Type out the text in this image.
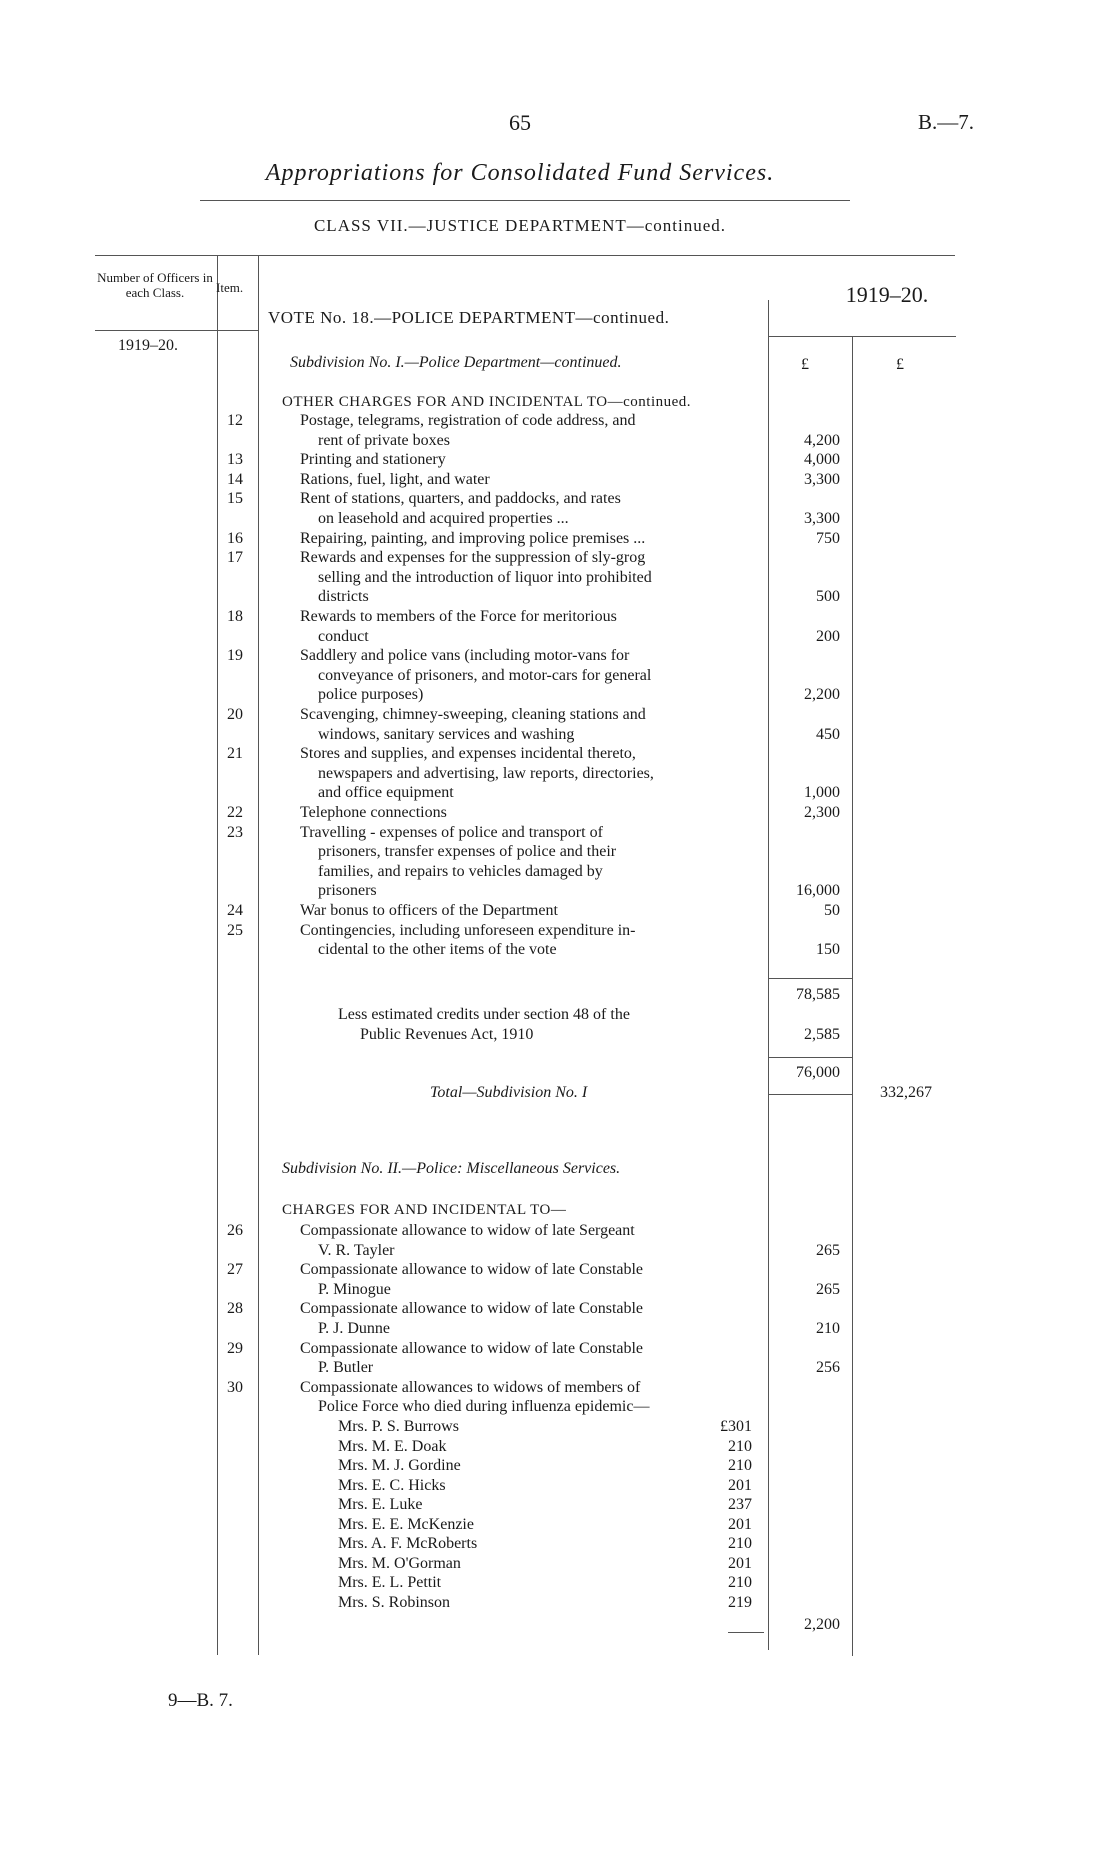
65	B.—7.
Appropriations for Consolidated Fund Services.
CLASS VII.—JUSTICE DEPARTMENT—continued.
Number of Officers in each Class.	Item.	1919–20.
VOTE No. 18.—POLICE DEPARTMENT—continued.
1919–20.
Subdivision No. I.—Police Department—continued.	£	£
OTHER CHARGES FOR AND INCIDENTAL TO—continued.
12	Postage, telegrams, registration of code address, and
rent of private boxes	4,200
13	Printing and stationery	4,000
14	Rations, fuel, light, and water	3,300
15	Rent of stations, quarters, and paddocks, and rates
on leasehold and acquired properties ...	3,300
16	Repairing, painting, and improving police premises ...	750
17	Rewards and expenses for the suppression of sly-grog
selling and the introduction of liquor into prohibited
districts	500
18	Rewards to members of the Force for meritorious
conduct	200
19	Saddlery and police vans (including motor-vans for
conveyance of prisoners, and motor-cars for general
police purposes)	2,200
20	Scavenging, chimney-sweeping, cleaning stations and
windows, sanitary services and washing	450
21	Stores and supplies, and expenses incidental thereto,
newspapers and advertising, law reports, directories,
and office equipment	1,000
22	Telephone connections	2,300
23	Travelling - expenses of police and transport of
prisoners, transfer expenses of police and their
families, and repairs to vehicles damaged by
prisoners	16,000
24	War bonus to officers of the Department	50
25	Contingencies, including unforeseen expenditure in-
cidental to the other items of the vote	150
78,585
Less estimated credits under section 48 of the
Public Revenues Act, 1910	2,585
76,000
Total—Subdivision No. I	332,267
Subdivision No. II.—Police: Miscellaneous Services.
CHARGES FOR AND INCIDENTAL TO—
26	Compassionate allowance to widow of late Sergeant
V. R. Tayler	265
27	Compassionate allowance to widow of late Constable
P. Minogue	265
28	Compassionate allowance to widow of late Constable
P. J. Dunne	210
29	Compassionate allowance to widow of late Constable
P. Butler	256
30	Compassionate allowances to widows of members of
Police Force who died during influenza epidemic—
Mrs. P. S. Burrows	£301
Mrs. M. E. Doak	210
Mrs. M. J. Gordine	210
Mrs. E. C. Hicks	201
Mrs. E. Luke	237
Mrs. E. E. McKenzie	201
Mrs. A. F. McRoberts	210
Mrs. M. O'Gorman	201
Mrs. E. L. Pettit	210
Mrs. S. Robinson	219
2,200
9—B. 7.
